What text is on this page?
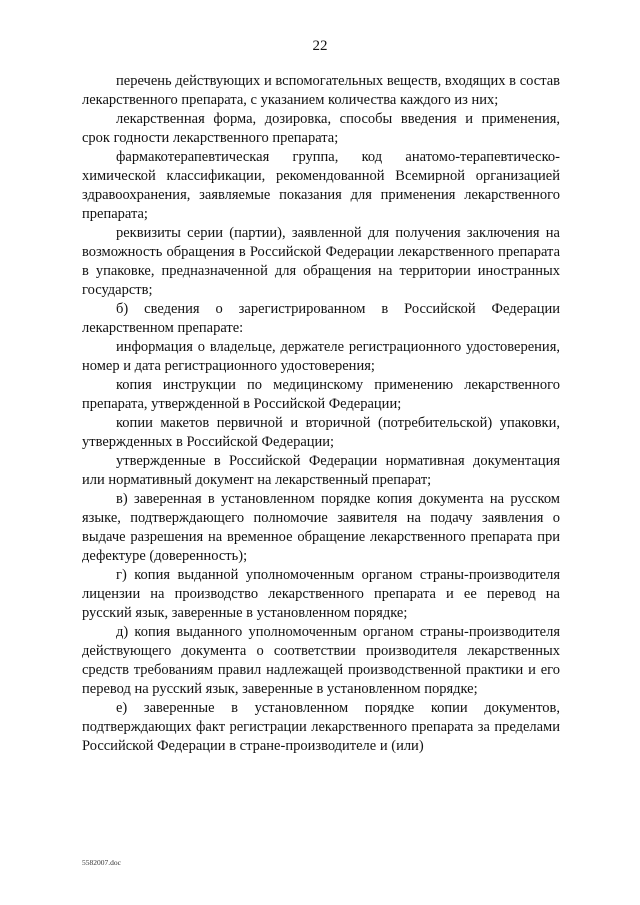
22

перечень действующих и вспомогательных веществ, входящих в состав лекарственного препарата, с указанием количества каждого из них;

лекарственная форма, дозировка, способы введения и применения, срок годности лекарственного препарата;

фармакотерапевтическая группа, код анатомо-терапевтическо-химической классификации, рекомендованной Всемирной организацией здравоохранения, заявляемые показания для применения лекарственного препарата;

реквизиты серии (партии), заявленной для получения заключения на возможность обращения в Российской Федерации лекарственного препарата в упаковке, предназначенной для обращения на территории иностранных государств;

б) сведения о зарегистрированном в Российской Федерации лекарственном препарате:

информация о владельце, держателе регистрационного удостоверения, номер и дата регистрационного удостоверения;

копия инструкции по медицинскому применению лекарственного препарата, утвержденной в Российской Федерации;

копии макетов первичной и вторичной (потребительской) упаковки, утвержденных в Российской Федерации;

утвержденные в Российской Федерации нормативная документация или нормативный документ на лекарственный препарат;

в) заверенная в установленном порядке копия документа на русском языке, подтверждающего полномочие заявителя на подачу заявления о выдаче разрешения на временное обращение лекарственного препарата при дефектуре (доверенность);

г) копия выданной уполномоченным органом страны-производителя лицензии на производство лекарственного препарата и ее перевод на русский язык, заверенные в установленном порядке;

д) копия выданного уполномоченным органом страны-производителя действующего документа о соответствии производителя лекарственных средств требованиям правил надлежащей производственной практики и его перевод на русский язык, заверенные в установленном порядке;

е) заверенные в установленном порядке копии документов, подтверждающих факт регистрации лекарственного препарата за пределами Российской Федерации в стране-производителе и (или)

5582007.doc
